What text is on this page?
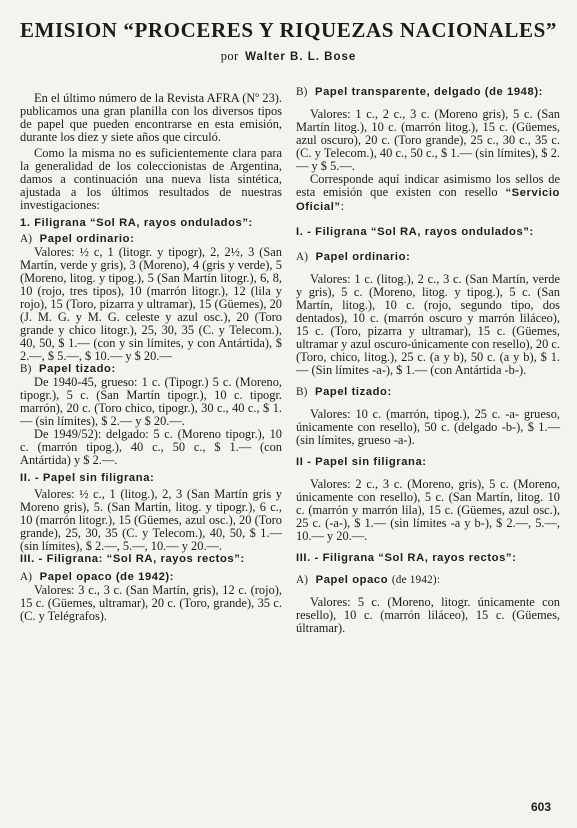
EMISION “PROCERES Y RIQUEZAS NACIONALES”
por Walter B. L. Bose

En el último número de la Revista AFRA (Nº 23). publicamos una gran planilla con los diversos tipos de papel que pueden encontrarse en esta emisión, durante los diez y siete años que circuló.

Como la misma no es suficientemente clara para la generalidad de los coleccionistas de Argentina, damos a continuación una nueva lista sintética, ajustada a los últimos resultados de nuestras investigaciones:

1. Filigrana “Sol RA, rayos ondulados”:

A) Papel ordinario:

Valores: ½ c, 1 (litogr. y tipogr), 2, 2½, 3 (San Martín, verde y gris), 3 (Moreno), 4 (gris y verde), 5 (Moreno, litog. y tipog.), 5 (San Martín litogr.), 6, 8, 10 (rojo, tres tipos), 10 (marrón litogr.), 12 (lila y rojo), 15 (Toro, pizarra y ultramar), 15 (Güemes), 20 (J. M. G. y M. G. celeste y azul osc.), 20 (Toro grande y chico litogr.), 25, 30, 35 (C. y Telecom.), 40, 50, $ 1.— (con y sin límites, y con Antártida), $ 2.—, $ 5.—, $ 10.— y $ 20.—

B) Papel tizado:

De 1940-45, grueso: 1 c. (Tipogr.) 5 c. (Moreno, tipogr.), 5 c. (San Martín tipogr.), 10 c. tipogr. marrón), 20 c. (Toro chico, tipogr.), 30 c., 40 c., $ 1.— (sin límites), $ 2.— y $ 20.—.

De 1949/52): delgado: 5 c. (Moreno tipogr.), 10 c. (marrón tipog.), 40 c., 50 c., $ 1.— (con Antártida) y $ 2.—.

II. - Papel sin filigrana:

Valores: ½ c., 1 (litog.), 2, 3 (San Martín gris y Moreno gris), 5. (San Martín, litog. y tipogr.), 6 c., 10 (marrón litogr.), 15 (Güemes, azul osc.), 20 (Toro grande), 25, 30, 35 (C. y Telecom.), 40, 50, $ 1.— (sin límites), $ 2.—, 5.—, 10.— y 20.—.

III. - Filigrana: “Sol RA, rayos rectos”:

A) Papel opaco (de 1942):

Valores: 3 c., 3 c. (San Martín, gris), 12 c. (rojo), 15 c. (Güemes, ultramar), 20 c. (Toro, grande), 35 c. (C. y Telégrafos).

B) Papel transparente, delgado (de 1948):

Valores: 1 c., 2 c., 3 c. (Moreno gris), 5 c. (San Martín litog.), 10 c. (marrón litog.), 15 c. (Güemes, azul oscuro), 20 c. (Toro grande), 25 c., 30 c., 35 c. (C. y Telecom.), 40 c., 50 c., $ 1.— (sin límites), $ 2.— y $ 5.—.

Corresponde aquí indicar asimismo los sellos de esta emisión que existen con resello “Servicio Oficial”:

I. - Filigrana “Sol RA, rayos ondulados”:

A) Papel ordinario:

Valores: 1 c. (litog.), 2 c., 3 c. (San Martín, verde y gris), 5 c. (Moreno, litog. y tipog.), 5 c. (San Martín, litog.), 10 c. (rojo, segundo tipo, dos dentados), 10 c. (marrón oscuro y marrón liláceo), 15 c. (Toro, pizarra y ultramar), 15 c. (Güemes, ultramar y azul oscuro-únicamente con resello), 20 c. (Toro, chico, litog.), 25 c. (a y b), 50 c. (a y b), $ 1.— (Sin límites -a-), $ 1.— (con Antártida -b-).

B) Papel tizado:

Valores: 10 c. (marrón, tipog.), 25 c. -a- grueso, únicamente con resello), 50 c. (delgado -b-), $ 1.— (sin límites, grueso -a-).

II - Papel sin filigrana:

Valores: 2 c., 3 c. (Moreno, gris), 5 c. (Moreno, únicamente con resello), 5 c. (San Martín, litog. 10 c. (marrón y marrón lila), 15 c. (Güemes, azul osc.), 25 c. (-a-), $ 1.— (sin límites -a y b-), $ 2.—, 5.—, 10.— y 20.—.

III. - Filigrana “Sol RA, rayos rectos”:

A) Papel opaco (de 1942):

Valores: 5 c. (Moreno, litogr. únicamente con resello), 10 c. (marrón liláceo), 15 c. (Güemes, últramar).

603
